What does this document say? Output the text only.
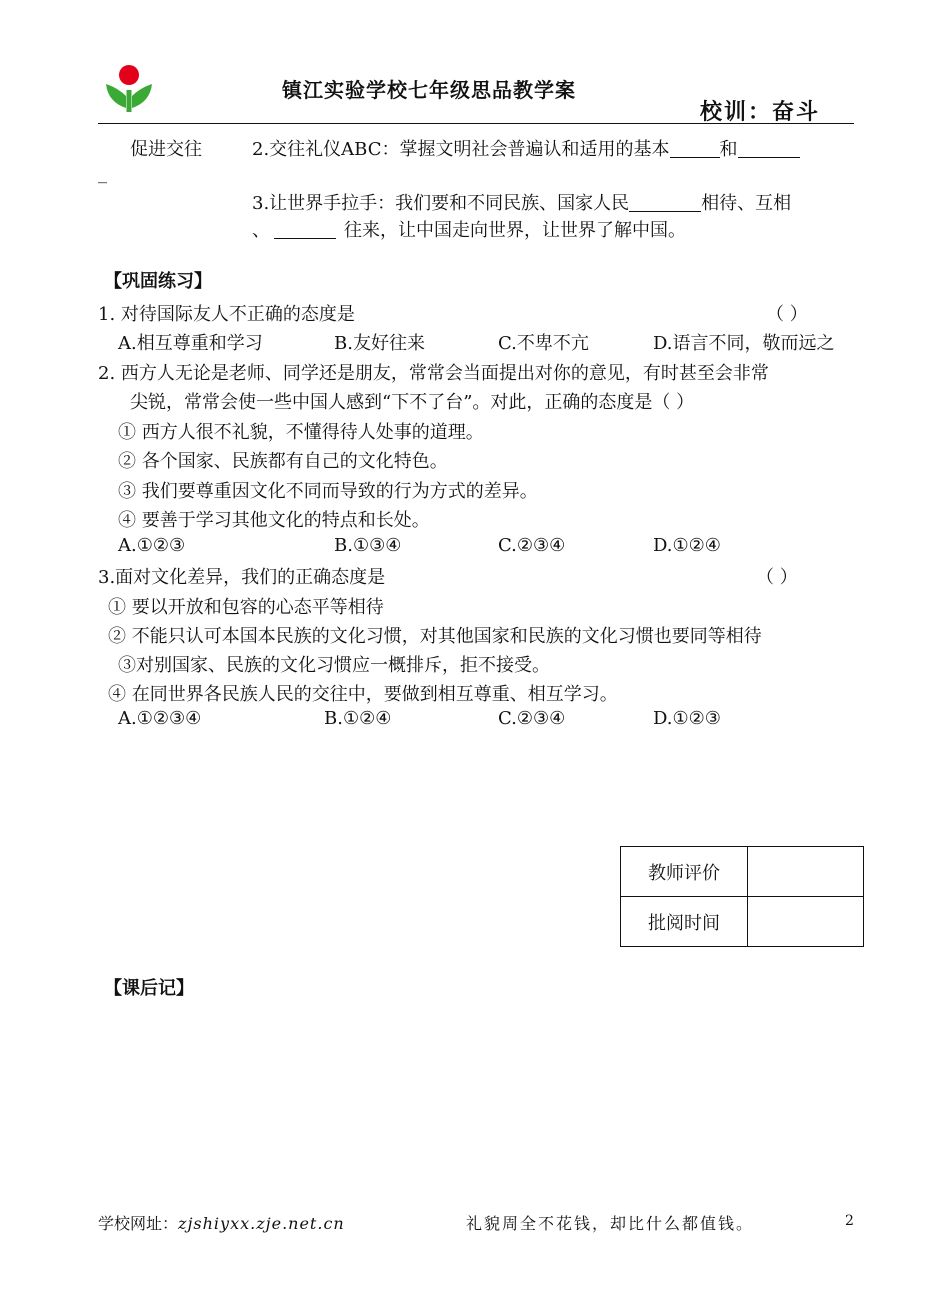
镇江实验学校七年级思品教学案
校训：奋斗
促进交往	2.交往礼仪ABC：掌握文明社会普遍认和适用的基本	和
_
3.让世界手拉手：我们要和不同民族、国家人民	相待、互相
、	往来，让中国走向世界，让世界了解中国。
【巩固练习】
1. 对待国际友人不正确的态度是	（ ）
A.相互尊重和学习	B.友好往来	C.不卑不亢	D.语言不同，敬而远之
2. 西方人无论是老师、同学还是朋友，常常会当面提出对你的意见，有时甚至会非常
尖锐，常常会使一些中国人感到“下不了台”。对此，正确的态度是（ ）
① 西方人很不礼貌，不懂得待人处事的道理。
② 各个国家、民族都有自己的文化特色。
③ 我们要尊重因文化不同而导致的行为方式的差异。
④ 要善于学习其他文化的特点和长处。
A.①②③	B.①③④	C.②③④	D.①②④
3.面对文化差异，我们的正确态度是	（ ）
① 要以开放和包容的心态平等相待
② 不能只认可本国本民族的文化习惯，对其他国家和民族的文化习惯也要同等相待
③对别国家、民族的文化习惯应一概排斥，拒不接受。
④ 在同世界各民族人民的交往中，要做到相互尊重、相互学习。
A.①②③④	B.①②④	C.②③④	D.①②③
教师评价	
批阅时间	
【课后记】
学校网址：zjshiyxx.zje.net.cn	礼貌周全不花钱，却比什么都值钱。	2
